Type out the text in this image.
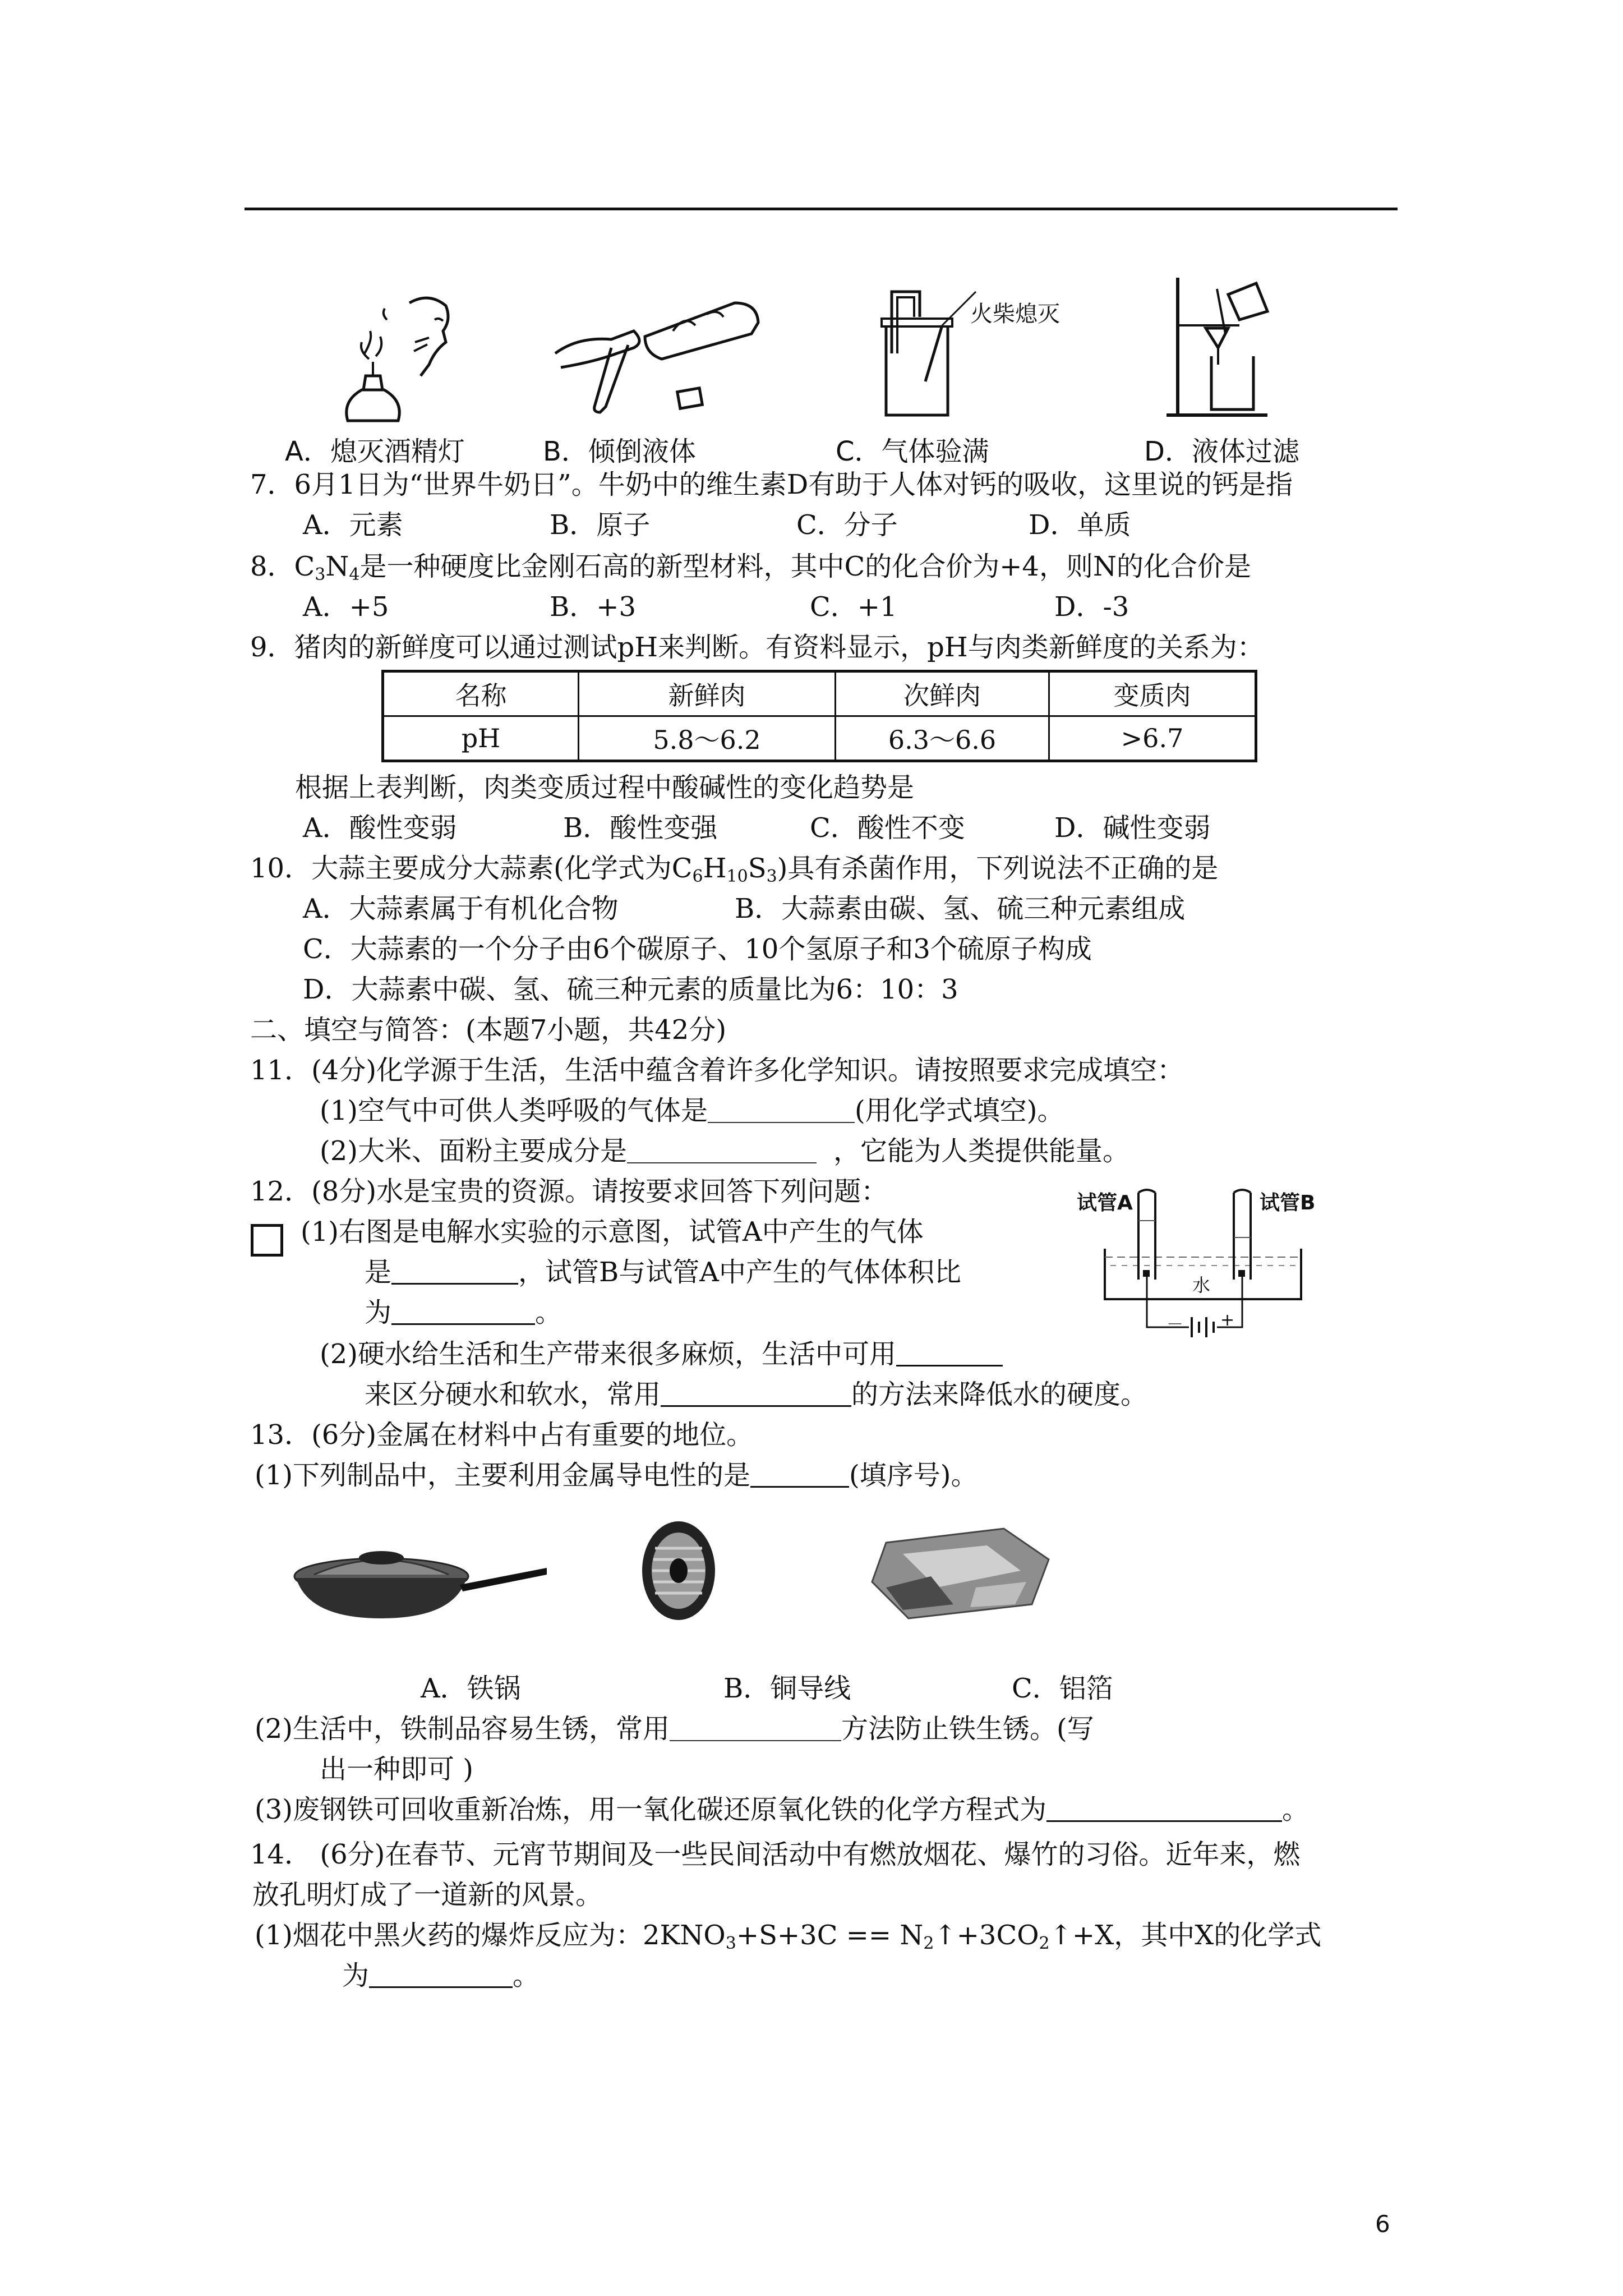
火柴熄灭
A．熄灭酒精灯	B．倾倒液体	C．气体验满	D．液体过滤
7．6月1日为“世界牛奶日”。牛奶中的维生素D有助于人体对钙的吸收，这里说的钙是指
A．元素	B．原子	C．分子	D．单质
8．$C_3N_4$是一种硬度比金刚石高的新型材料，其中C的化合价为+4，则N的化合价是
A．+5	B．+3	C．+1	D．-3
9．猪肉的新鲜度可以通过测试pH来判断。有资料显示，pH与肉类新鲜度的关系为：
名称	新鲜肉	次鲜肉	变质肉
pH	5.8～6.2	6.3～6.6	>6.7
根据上表判断，肉类变质过程中酸碱性的变化趋势是
A．酸性变弱	B．酸性变强	C．酸性不变	D．碱性变弱
10．大蒜主要成分大蒜素(化学式为$C_6H_{10}S_3$)具有杀菌作用，下列说法不正确的是
A．大蒜素属于有机化合物	B．大蒜素由碳、氢、硫三种元素组成
C．大蒜素的一个分子由6个碳原子、10个氢原子和3个硫原子构成
D．大蒜素中碳、氢、硫三种元素的质量比为6：10：3
二、填空与简答：(本题7小题，共42分)
11．(4分)化学源于生活，生活中蕴含着许多化学知识。请按照要求完成填空：
(1)空气中可供人类呼吸的气体是	(用化学式填空)。
(2)大米、面粉主要成分是	，它能为人类提供能量。
12．(8分)水是宝贵的资源。请按要求回答下列问题：
(1)右图是电解水实验的示意图，试管A中产生的气体
是	，试管B与试管A中产生的气体体积比
为	。
(2)硬水给生活和生产带来很多麻烦，生活中可用
来区分硬水和软水，常用	的方法来降低水的硬度。
试管A	试管B
水
－ +
13．(6分)金属在材料中占有重要的地位。
(1)下列制品中，主要利用金属导电性的是	(填序号)。
A．铁锅	B．铜导线	C．铝箔
(2)生活中，铁制品容易生锈，常用	方法防止铁生锈。(写
出一种即可 )
(3)废钢铁可回收重新冶炼，用一氧化碳还原氧化铁的化学方程式为	。
14． (6分)在春节、元宵节期间及一些民间活动中有燃放烟花、爆竹的习俗。近年来，燃
放孔明灯成了一道新的风景。
(1)烟花中黑火药的爆炸反应为：$2KNO_3+S+3C$ == $N_2↑+3CO_2↑+X$，其中X的化学式
为	。
6
